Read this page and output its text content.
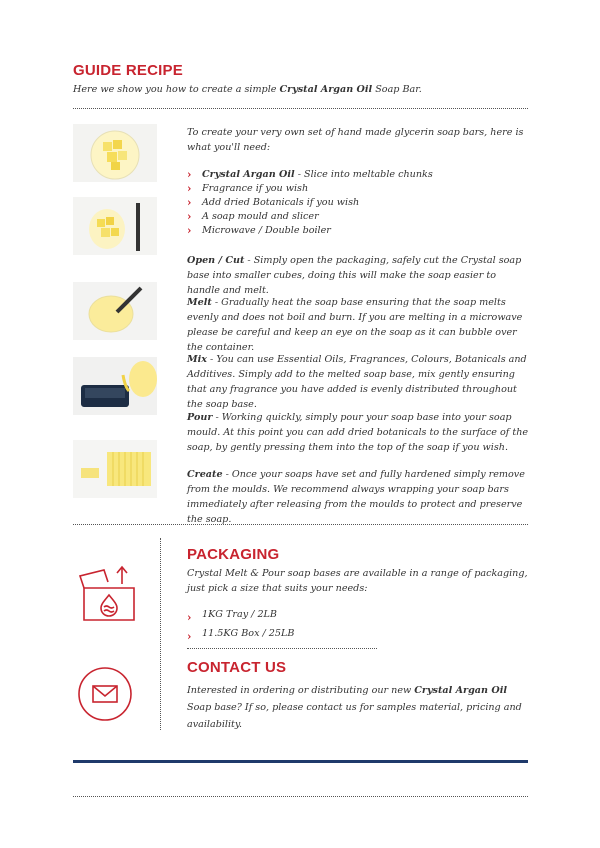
GUIDE RECIPE
Here we show you how to create a simple Crystal Argan Oil Soap Bar.
To create your very own set of hand made glycerin soap bars, here is what you'll need:
› Crystal Argan Oil - Slice into meltable chunks
› Fragrance if you wish
› Add dried Botanicals if you wish
› A soap mould and slicer
› Microwave / Double boiler

Open / Cut - Simply open the packaging, safely cut the Crystal soap base into smaller cubes, doing this will make the soap easier to handle and melt.

Melt - Gradually heat the soap base ensuring that the soap melts evenly and does not boil and burn. If you are melting in a microwave please be careful and keep an eye on the soap as it can bubble over the container.

Mix - You can use Essential Oils, Fragrances, Colours, Botanicals and Additives. Simply add to the melted soap base, mix gently ensuring that any fragrance you have added is evenly distributed throughout the soap base.

Pour - Working quickly, simply pour your soap base into your soap mould. At this point you can add dried botanicals to the surface of the soap, by gently pressing them into the top of the soap if you wish.

Create - Once your soaps have set and fully hardened simply remove from the moulds. We recommend always wrapping your soap bars immediately after releasing from the moulds to protect and preserve the soap.

PACKAGING
Crystal Melt & Pour soap bases are available in a range of packaging, just pick a size that suits your needs:
› 1KG Tray / 2LB
› 11.5KG Box / 25LB
CONTACT US
Interested in ordering or distributing our new Crystal Argan Oil Soap base? If so, please contact us for samples material, pricing and availability.
